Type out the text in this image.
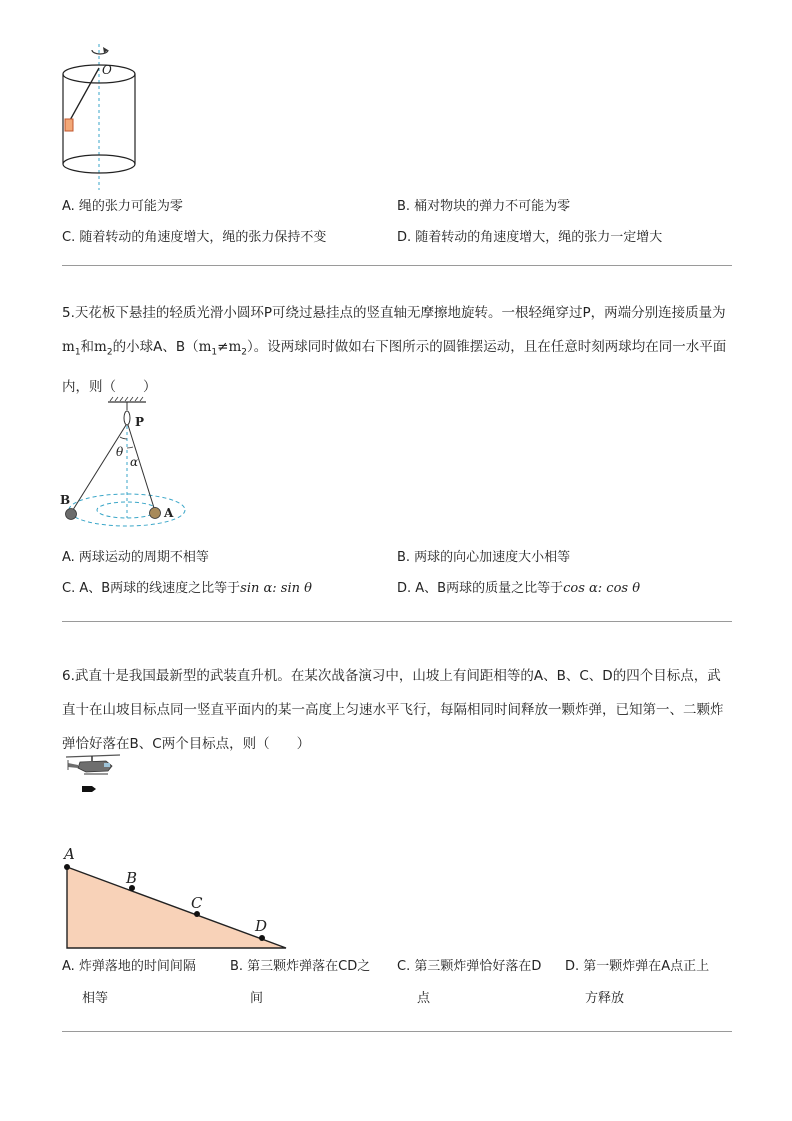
O
A. 绳的张力可能为零	B. 桶对物块的弹力不可能为零
C. 随着转动的角速度增大，绳的张力保持不变	D. 随着转动的角速度增大，绳的张力一定增大
5.天花板下悬挂的轻质光滑小圆环P可绕过悬挂点的竖直轴无摩擦地旋转。一根轻绳穿过P，两端分别连接质量为$m_1$和$m_2$的小球A、$B(m_1\ne m_2)$。设两球同时做如右下图所示的圆锥摆运动，且在任意时刻两球均在同一水平面内，则（　　）
P
θ
α
B
A
A. 两球运动的周期不相等	B. 两球的向心加速度大小相等
C. A、B两球的线速度之比等于sin α: sin θ	D. A、B两球的质量之比等于cos α: cos θ
6.武直十是我国最新型的武装直升机。在某次战备演习中，山坡上有间距相等的A、B、C、D的四个目标点，武直十在山坡目标点同一竖直平面内的某一高度上匀速水平飞行，每隔相同时间释放一颗炸弹，已知第一、二颗炸弹恰好落在B、C两个目标点，则（　　）
A
B
C
D
A. 炸弹落地的时间间隔
相等
B. 第三颗炸弹落在CD之
间
C. 第三颗炸弹恰好落在D
点
D. 第一颗炸弹在A点正上
方释放
